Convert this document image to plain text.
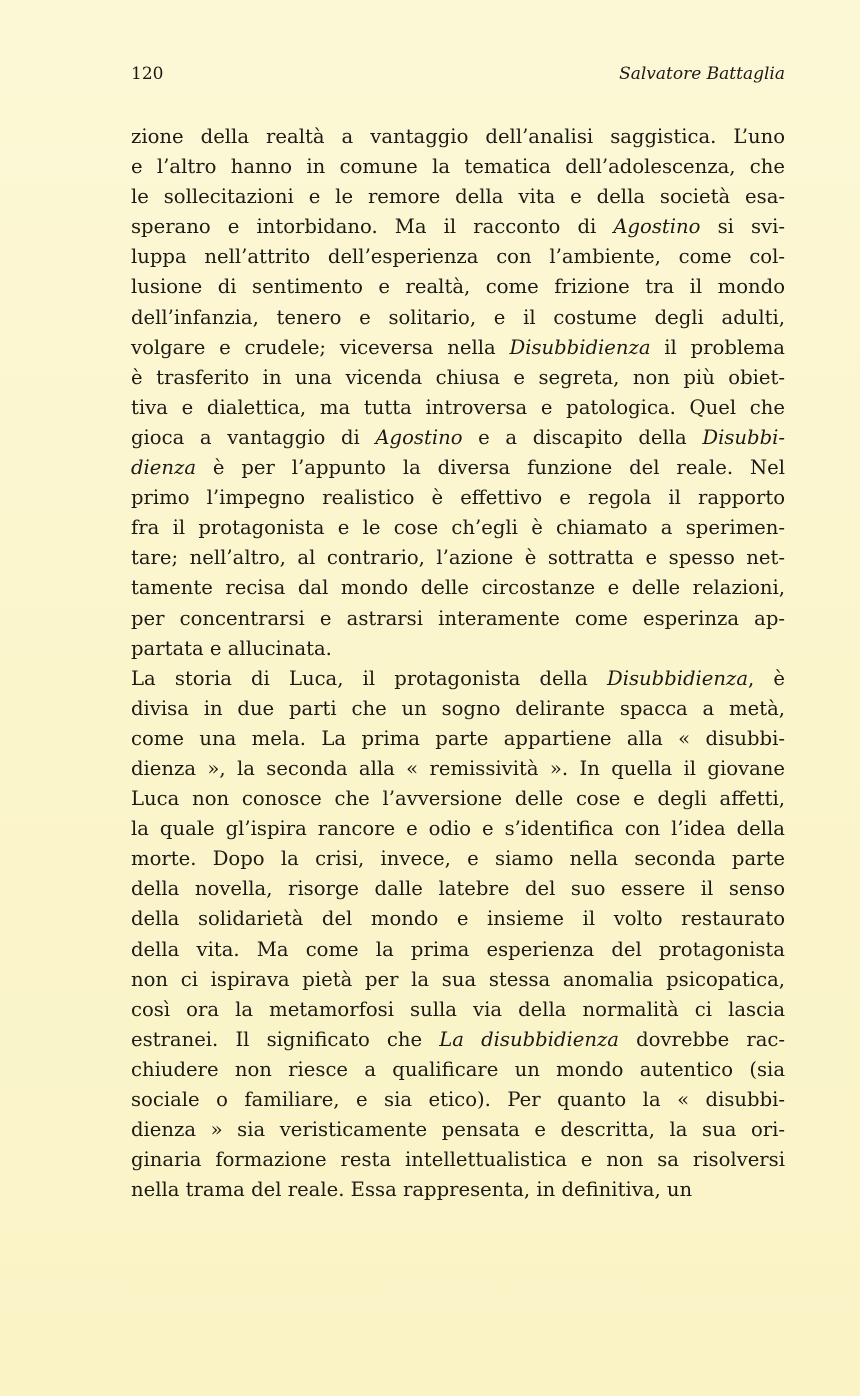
120	Salvatore Battaglia
zione della realtà a vantaggio dell’analisi saggistica. L’uno
e l’altro hanno in comune la tematica dell’adolescenza, che
le sollecitazioni e le remore della vita e della società esa-
sperano e intorbidano. Ma il racconto di Agostino si svi-
luppa nell’attrito dell’esperienza con l’ambiente, come col-
lusione di sentimento e realtà, come frizione tra il mondo
dell’infanzia, tenero e solitario, e il costume degli adulti,
volgare e crudele; viceversa nella Disubbidienza il problema
è trasferito in una vicenda chiusa e segreta, non più obiet-
tiva e dialettica, ma tutta introversa e patologica. Quel che
gioca a vantaggio di Agostino e a discapito della Disubbi-
dienza è per l’appunto la diversa funzione del reale. Nel
primo l’impegno realistico è effettivo e regola il rapporto
fra il protagonista e le cose ch’egli è chiamato a sperimen-
tare; nell’altro, al contrario, l’azione è sottratta e spesso net-
tamente recisa dal mondo delle circostanze e delle relazioni,
per concentrarsi e astrarsi interamente come esperinza ap-
partata e allucinata.
La storia di Luca, il protagonista della Disubbidienza, è
divisa in due parti che un sogno delirante spacca a metà,
come una mela. La prima parte appartiene alla « disubbi-
dienza », la seconda alla « remissività ». In quella il giovane
Luca non conosce che l’avversione delle cose e degli affetti,
la quale gl’ispira rancore e odio e s’identifica con l’idea della
morte. Dopo la crisi, invece, e siamo nella seconda parte
della novella, risorge dalle latebre del suo essere il senso
della solidarietà del mondo e insieme il volto restaurato
della vita. Ma come la prima esperienza del protagonista
non ci ispirava pietà per la sua stessa anomalia psicopatica,
così ora la metamorfosi sulla via della normalità ci lascia
estranei. Il significato che La disubbidienza dovrebbe rac-
chiudere non riesce a qualificare un mondo autentico (sia
sociale o familiare, e sia etico). Per quanto la « disubbi-
dienza » sia veristicamente pensata e descritta, la sua ori-
ginaria formazione resta intellettualistica e non sa risolversi
nella trama del reale. Essa rappresenta, in definitiva, un
